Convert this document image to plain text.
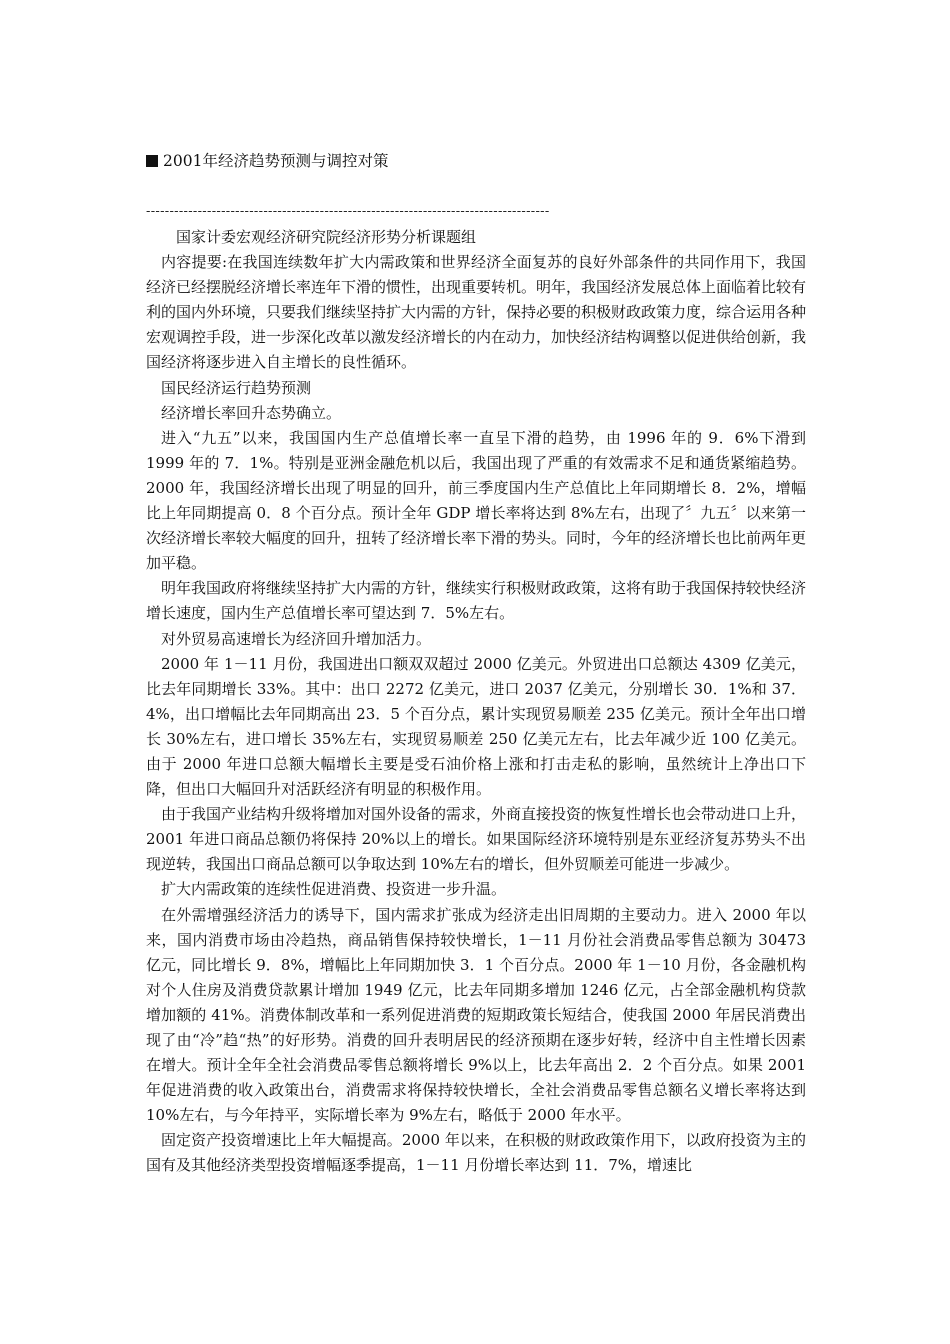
2001年经济趋势预测与调控对策
--------------------------------------------------------------------------------------

国家计委宏观经济研究院经济形势分析课题组

内容提要:在我国连续数年扩大内需政策和世界经济全面复苏的良好外部条件的共同作用下，我国经济已经摆脱经济增长率连年下滑的惯性，出现重要转机。明年，我国经济发展总体上面临着比较有利的国内外环境，只要我们继续坚持扩大内需的方针，保持必要的积极财政政策力度，综合运用各种宏观调控手段，进一步深化改革以激发经济增长的内在动力，加快经济结构调整以促进供给创新，我国经济将逐步进入自主增长的良性循环。

国民经济运行趋势预测

经济增长率回升态势确立。

进入“九五”以来，我国国内生产总值增长率一直呈下滑的趋势，由 1996 年的 9．6%下滑到 1999 年的 7．1%。特别是亚洲金融危机以后，我国出现了严重的有效需求不足和通货紧缩趋势。2000 年，我国经济增长出现了明显的回升，前三季度国内生产总值比上年同期增长 8．2%，增幅比上年同期提高 0．8 个百分点。预计全年 GDP 增长率将达到 8%左右，出现了〞九五〞以来第一次经济增长率较大幅度的回升，扭转了经济增长率下滑的势头。同时，今年的经济增长也比前两年更加平稳。

明年我国政府将继续坚持扩大内需的方针，继续实行积极财政政策，这将有助于我国保持较快经济增长速度，国内生产总值增长率可望达到 7．5%左右。

对外贸易高速增长为经济回升增加活力。

2000 年 1－11 月份，我国进出口额双双超过 2000 亿美元。外贸进出口总额达 4309 亿美元，比去年同期增长 33%。其中：出口 2272 亿美元，进口 2037 亿美元，分别增长 30．1%和 37．4%，出口增幅比去年同期高出 23．5 个百分点，累计实现贸易顺差 235 亿美元。预计全年出口增长 30%左右，进口增长 35%左右，实现贸易顺差 250 亿美元左右，比去年减少近 100 亿美元。由于 2000 年进口总额大幅增长主要是受石油价格上涨和打击走私的影响，虽然统计上净出口下降，但出口大幅回升对活跃经济有明显的积极作用。

由于我国产业结构升级将增加对国外设备的需求，外商直接投资的恢复性增长也会带动进口上升，2001 年进口商品总额仍将保持 20%以上的增长。如果国际经济环境特别是东亚经济复苏势头不出现逆转，我国出口商品总额可以争取达到 10%左右的增长，但外贸顺差可能进一步减少。

扩大内需政策的连续性促进消费、投资进一步升温。

在外需增强经济活力的诱导下，国内需求扩张成为经济走出旧周期的主要动力。进入 2000 年以来，国内消费市场由冷趋热，商品销售保持较快增长，1－11 月份社会消费品零售总额为 30473 亿元，同比增长 9．8%，增幅比上年同期加快 3．1 个百分点。2000 年 1－10 月份，各金融机构对个人住房及消费贷款累计增加 1949 亿元，比去年同期多增加 1246 亿元，占全部金融机构贷款增加额的 41%。消费体制改革和一系列促进消费的短期政策长短结合，使我国 2000 年居民消费出现了由“冷”趋“热”的好形势。消费的回升表明居民的经济预期在逐步好转，经济中自主性增长因素在增大。预计全年全社会消费品零售总额将增长 9%以上，比去年高出 2．2 个百分点。如果 2001 年促进消费的收入政策出台，消费需求将保持较快增长，全社会消费品零售总额名义增长率将达到 10%左右，与今年持平，实际增长率为 9%左右，略低于 2000 年水平。

固定资产投资增速比上年大幅提高。2000 年以来，在积极的财政政策作用下，以政府投资为主的国有及其他经济类型投资增幅逐季提高，1－11 月份增长率达到 11．7%，增速比
